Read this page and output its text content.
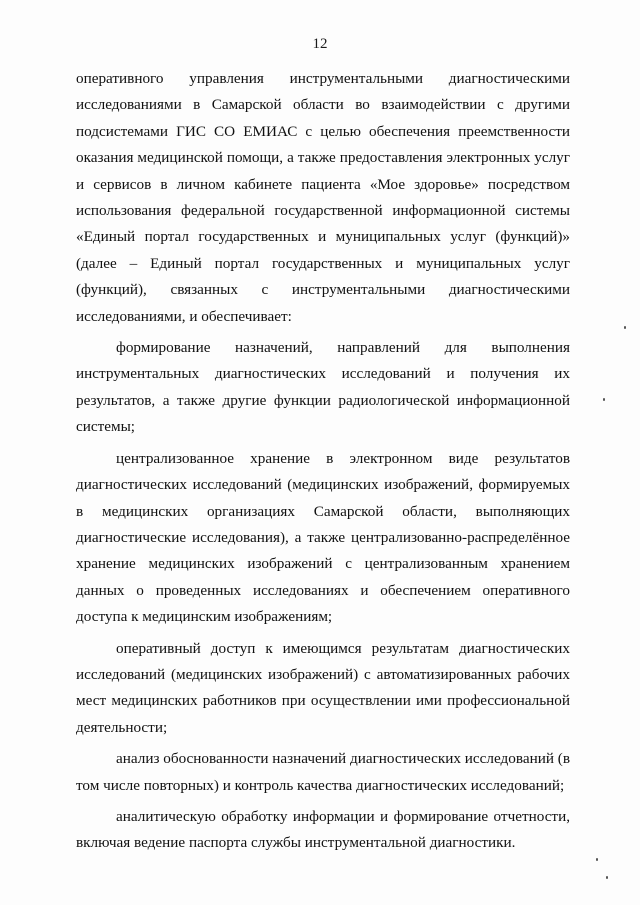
12

оперативного управления инструментальными диагностическими исследованиями в Самарской области во взаимодействии с другими подсистемами ГИС СО ЕМИАС с целью обеспечения преемственности оказания медицинской помощи, а также предоставления электронных услуг и сервисов в личном кабинете пациента «Мое здоровье» посредством использования федеральной государственной информационной системы «Единый портал государственных и муниципальных услуг (функций)» (далее – Единый портал государственных и муниципальных услуг (функций), связанных с инструментальными диагностическими исследованиями, и обеспечивает:

формирование назначений, направлений для выполнения инструментальных диагностических исследований и получения их результатов, а также другие функции радиологической информационной системы;

централизованное хранение в электронном виде результатов диагностических исследований (медицинских изображений, формируемых в медицинских организациях Самарской области, выполняющих диагностические исследования), а также централизованно-распределённое хранение медицинских изображений с централизованным хранением данных о проведенных исследованиях и обеспечением оперативного доступа к медицинским изображениям;

оперативный доступ к имеющимся результатам диагностических исследований (медицинских изображений) с автоматизированных рабочих мест медицинских работников при осуществлении ими профессиональной деятельности;

анализ обоснованности назначений диагностических исследований (в том числе повторных) и контроль качества диагностических исследований;

аналитическую обработку информации и формирование отчетности, включая ведение паспорта службы инструментальной диагностики.
